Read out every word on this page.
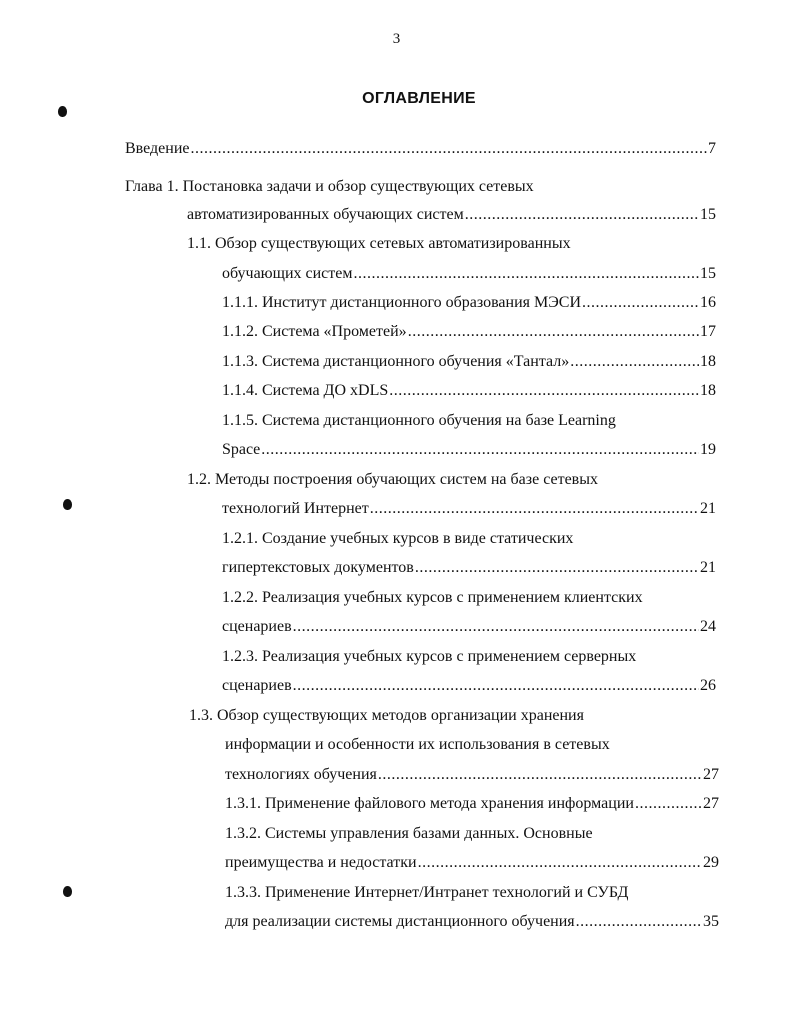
3
ОГЛАВЛЕНИЕ
Введение .....	7
Глава 1. Постановка задачи и обзор существующих сетевых
автоматизированных обучающих систем .....	15
1.1. Обзор существующих сетевых автоматизированных
обучающих систем .....	15
1.1.1. Институт дистанционного образования МЭСИ .....	16
1.1.2. Система «Прометей» .....	17
1.1.3. Система дистанционного обучения «Тантал» .....	18
1.1.4. Система ДО xDLS .....	18
1.1.5. Система дистанционного обучения на базе Learning
Space .....	19
1.2. Методы построения обучающих систем на базе сетевых
технологий Интернет .....	21
1.2.1. Создание учебных курсов в виде статических
гипертекстовых документов .....	21
1.2.2. Реализация учебных курсов с применением клиентских
сценариев .....	24
1.2.3. Реализация учебных курсов с применением серверных
сценариев .....	26
1.3. Обзор существующих методов организации хранения
информации и особенности их использования в сетевых
технологиях обучения .....	27
1.3.1. Применение файлового метода хранения информации .....	27
1.3.2. Системы управления базами данных. Основные
преимущества и недостатки .....	29
1.3.3. Применение Интернет/Интранет технологий и СУБД
для реализации системы дистанционного обучения .....	35
